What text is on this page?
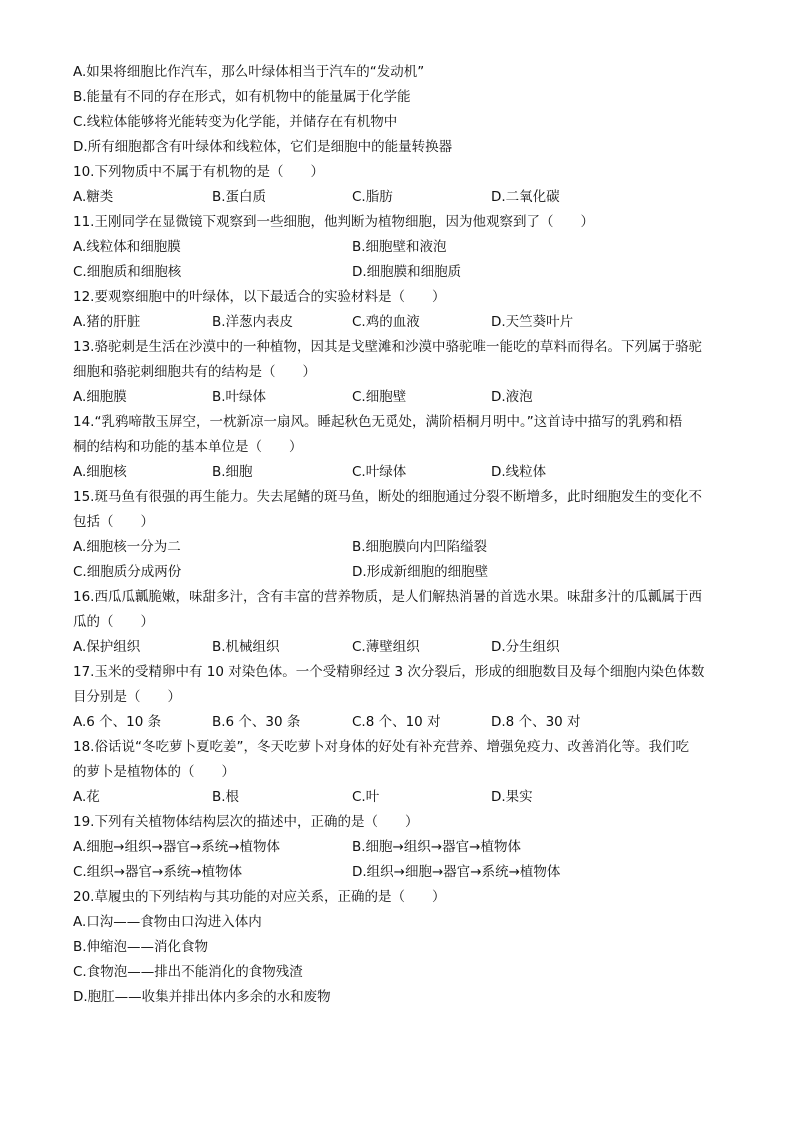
A.如果将细胞比作汽车，那么叶绿体相当于汽车的“发动机”
B.能量有不同的存在形式，如有机物中的能量属于化学能
C.线粒体能够将光能转变为化学能，并储存在有机物中
D.所有细胞都含有叶绿体和线粒体，它们是细胞中的能量转换器
10.下列物质中不属于有机物的是（　　）
A.糖类	B.蛋白质	C.脂肪	D.二氧化碳
11.王刚同学在显微镜下观察到一些细胞，他判断为植物细胞，因为他观察到了（　　）
A.线粒体和细胞膜	B.细胞壁和液泡
C.细胞质和细胞核	D.细胞膜和细胞质
12.要观察细胞中的叶绿体，以下最适合的实验材料是（　　）
A.猪的肝脏	B.洋葱内表皮	C.鸡的血液	D.天竺葵叶片
13.骆驼刺是生活在沙漠中的一种植物，因其是戈壁滩和沙漠中骆驼唯一能吃的草料而得名。下列属于骆驼
细胞和骆驼刺细胞共有的结构是（　　）
A.细胞膜	B.叶绿体	C.细胞壁	D.液泡
14.“乳鸦啼散玉屏空，一枕新凉一扇风。睡起秋色无觅处，满阶梧桐月明中。”这首诗中描写的乳鸦和梧
桐的结构和功能的基本单位是（　　）
A.细胞核	B.细胞	C.叶绿体	D.线粒体
15.斑马鱼有很强的再生能力。失去尾鳍的斑马鱼，断处的细胞通过分裂不断增多，此时细胞发生的变化不
包括（　　）
A.细胞核一分为二	B.细胞膜向内凹陷缢裂
C.细胞质分成两份	D.形成新细胞的细胞壁
16.西瓜瓜瓤脆嫩，味甜多汁，含有丰富的营养物质，是人们解热消暑的首选水果。味甜多汁的瓜瓤属于西
瓜的（　　）
A.保护组织	B.机械组织	C.薄壁组织	D.分生组织
17.玉米的受精卵中有 10 对染色体。一个受精卵经过 3 次分裂后，形成的细胞数目及每个细胞内染色体数
目分别是（　　）
A.6 个、10 条	B.6 个、30 条	C.8 个、10 对	D.8 个、30 对
18.俗话说“冬吃萝卜夏吃姜”，冬天吃萝卜对身体的好处有补充营养、增强免疫力、改善消化等。我们吃
的萝卜是植物体的（　　）
A.花	B.根	C.叶	D.果实
19.下列有关植物体结构层次的描述中，正确的是（　　）
A.细胞→组织→器官→系统→植物体	B.细胞→组织→器官→植物体
C.组织→器官→系统→植物体	D.组织→细胞→器官→系统→植物体
20.草履虫的下列结构与其功能的对应关系，正确的是（　　）
A.口沟——食物由口沟进入体内
B.伸缩泡——消化食物
C.食物泡——排出不能消化的食物残渣
D.胞肛——收集并排出体内多余的水和废物
